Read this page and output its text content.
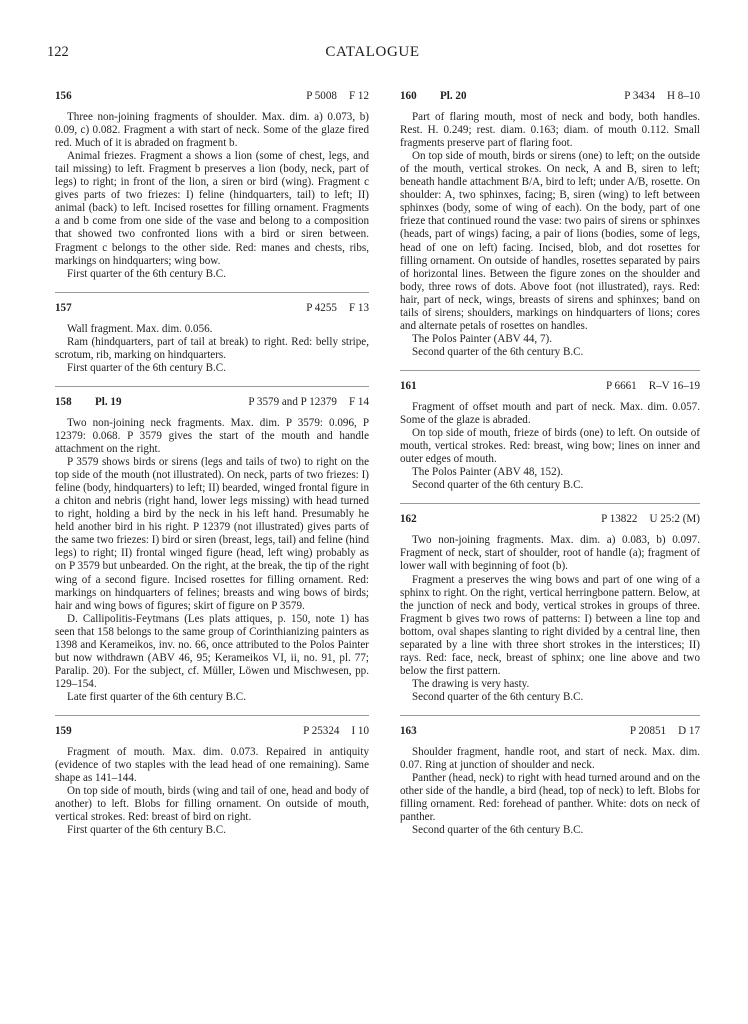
122	CATALOGUE
156	P 5008 F 12

Three non-joining fragments of shoulder. Max. dim. a) 0.073, b) 0.09, c) 0.082. Fragment a with start of neck. Some of the glaze fired red. Much of it is abraded on fragment b.

Animal friezes. Fragment a shows a lion (some of chest, legs, and tail missing) to left. Fragment b preserves a lion (body, neck, part of legs) to right; in front of the lion, a siren or bird (wing). Fragment c gives parts of two friezes: I) feline (hindquarters, tail) to left; II) animal (back) to left. Incised rosettes for filling ornament. Fragments a and b come from one side of the vase and belong to a composition that showed two confronted lions with a bird or siren between. Fragment c belongs to the other side. Red: manes and chests, ribs, markings on hindquarters; wing bow.

First quarter of the 6th century B.C.

157	P 4255 F 13

Wall fragment. Max. dim. 0.056.

Ram (hindquarters, part of tail at break) to right. Red: belly stripe, scrotum, rib, marking on hindquarters.

First quarter of the 6th century B.C.

158	Pl. 19	P 3579 and P 12379 F 14

Two non-joining neck fragments. Max. dim. P 3579: 0.096, P 12379: 0.068. P 3579 gives the start of the mouth and handle attachment on the right.

P 3579 shows birds or sirens (legs and tails of two) to right on the top side of the mouth (not illustrated). On neck, parts of two friezes: I) feline (body, hindquarters) to left; II) bearded, winged frontal figure in a chiton and nebris (right hand, lower legs missing) with head turned to right, holding a bird by the neck in his left hand. Presumably he held another bird in his right. P 12379 (not illustrated) gives parts of the same two friezes: I) bird or siren (breast, legs, tail) and feline (hind legs) to right; II) frontal winged figure (head, left wing) probably as on P 3579 but unbearded. On the right, at the break, the tip of the right wing of a second figure. Incised rosettes for filling ornament. Red: markings on hindquarters of felines; breasts and wing bows of birds; hair and wing bows of figures; skirt of figure on P 3579.

D. Callipolitis-Feytmans (Les plats attiques, p. 150, note 1) has seen that 158 belongs to the same group of Corinthianizing painters as 1398 and Kerameikos, inv. no. 66, once attributed to the Polos Painter but now withdrawn (ABV 46, 95; Kerameikos VI, ii, no. 91, pl. 77; Paralip. 20). For the subject, cf. Müller, Löwen und Mischwesen, pp. 129–154.

Late first quarter of the 6th century B.C.

159	P 25324 I 10

Fragment of mouth. Max. dim. 0.073. Repaired in antiquity (evidence of two staples with the lead head of one remaining). Same shape as 141–144.

On top side of mouth, birds (wing and tail of one, head and body of another) to left. Blobs for filling ornament. On outside of mouth, vertical strokes. Red: breast of bird on right.

First quarter of the 6th century B.C.

160	Pl. 20	P 3434 H 8–10

Part of flaring mouth, most of neck and body, both handles. Rest. H. 0.249; rest. diam. 0.163; diam. of mouth 0.112. Small fragments preserve part of flaring foot.

On top side of mouth, birds or sirens (one) to left; on the outside of the mouth, vertical strokes. On neck, A and B, siren to left; beneath handle attachment B/A, bird to left; under A/B, rosette. On shoulder: A, two sphinxes, facing; B, siren (wing) to left between sphinxes (body, some of wing of each). On the body, part of one frieze that continued round the vase: two pairs of sirens or sphinxes (heads, part of wings) facing, a pair of lions (bodies, some of legs, head of one on left) facing. Incised, blob, and dot rosettes for filling ornament. On outside of handles, rosettes separated by pairs of horizontal lines. Between the figure zones on the shoulder and body, three rows of dots. Above foot (not illustrated), rays. Red: hair, part of neck, wings, breasts of sirens and sphinxes; band on tails of sirens; shoulders, markings on hindquarters of lions; cores and alternate petals of rosettes on handles.

The Polos Painter (ABV 44, 7).

Second quarter of the 6th century B.C.

161	P 6661 R–V 16–19

Fragment of offset mouth and part of neck. Max. dim. 0.057. Some of the glaze is abraded.

On top side of mouth, frieze of birds (one) to left. On outside of mouth, vertical strokes. Red: breast, wing bow; lines on inner and outer edges of mouth.

The Polos Painter (ABV 48, 152).

Second quarter of the 6th century B.C.

162	P 13822 U 25:2 (M)

Two non-joining fragments. Max. dim. a) 0.083, b) 0.097. Fragment of neck, start of shoulder, root of handle (a); fragment of lower wall with beginning of foot (b).

Fragment a preserves the wing bows and part of one wing of a sphinx to right. On the right, vertical herringbone pattern. Below, at the junction of neck and body, vertical strokes in groups of three. Fragment b gives two rows of patterns: I) between a line top and bottom, oval shapes slanting to right divided by a central line, then separated by a line with three short strokes in the interstices; II) rays. Red: face, neck, breast of sphinx; one line above and two below the first pattern.

The drawing is very hasty.

Second quarter of the 6th century B.C.

163	P 20851 D 17

Shoulder fragment, handle root, and start of neck. Max. dim. 0.07. Ring at junction of shoulder and neck.

Panther (head, neck) to right with head turned around and on the other side of the handle, a bird (head, top of neck) to left. Blobs for filling ornament. Red: forehead of panther. White: dots on neck of panther.

Second quarter of the 6th century B.C.
